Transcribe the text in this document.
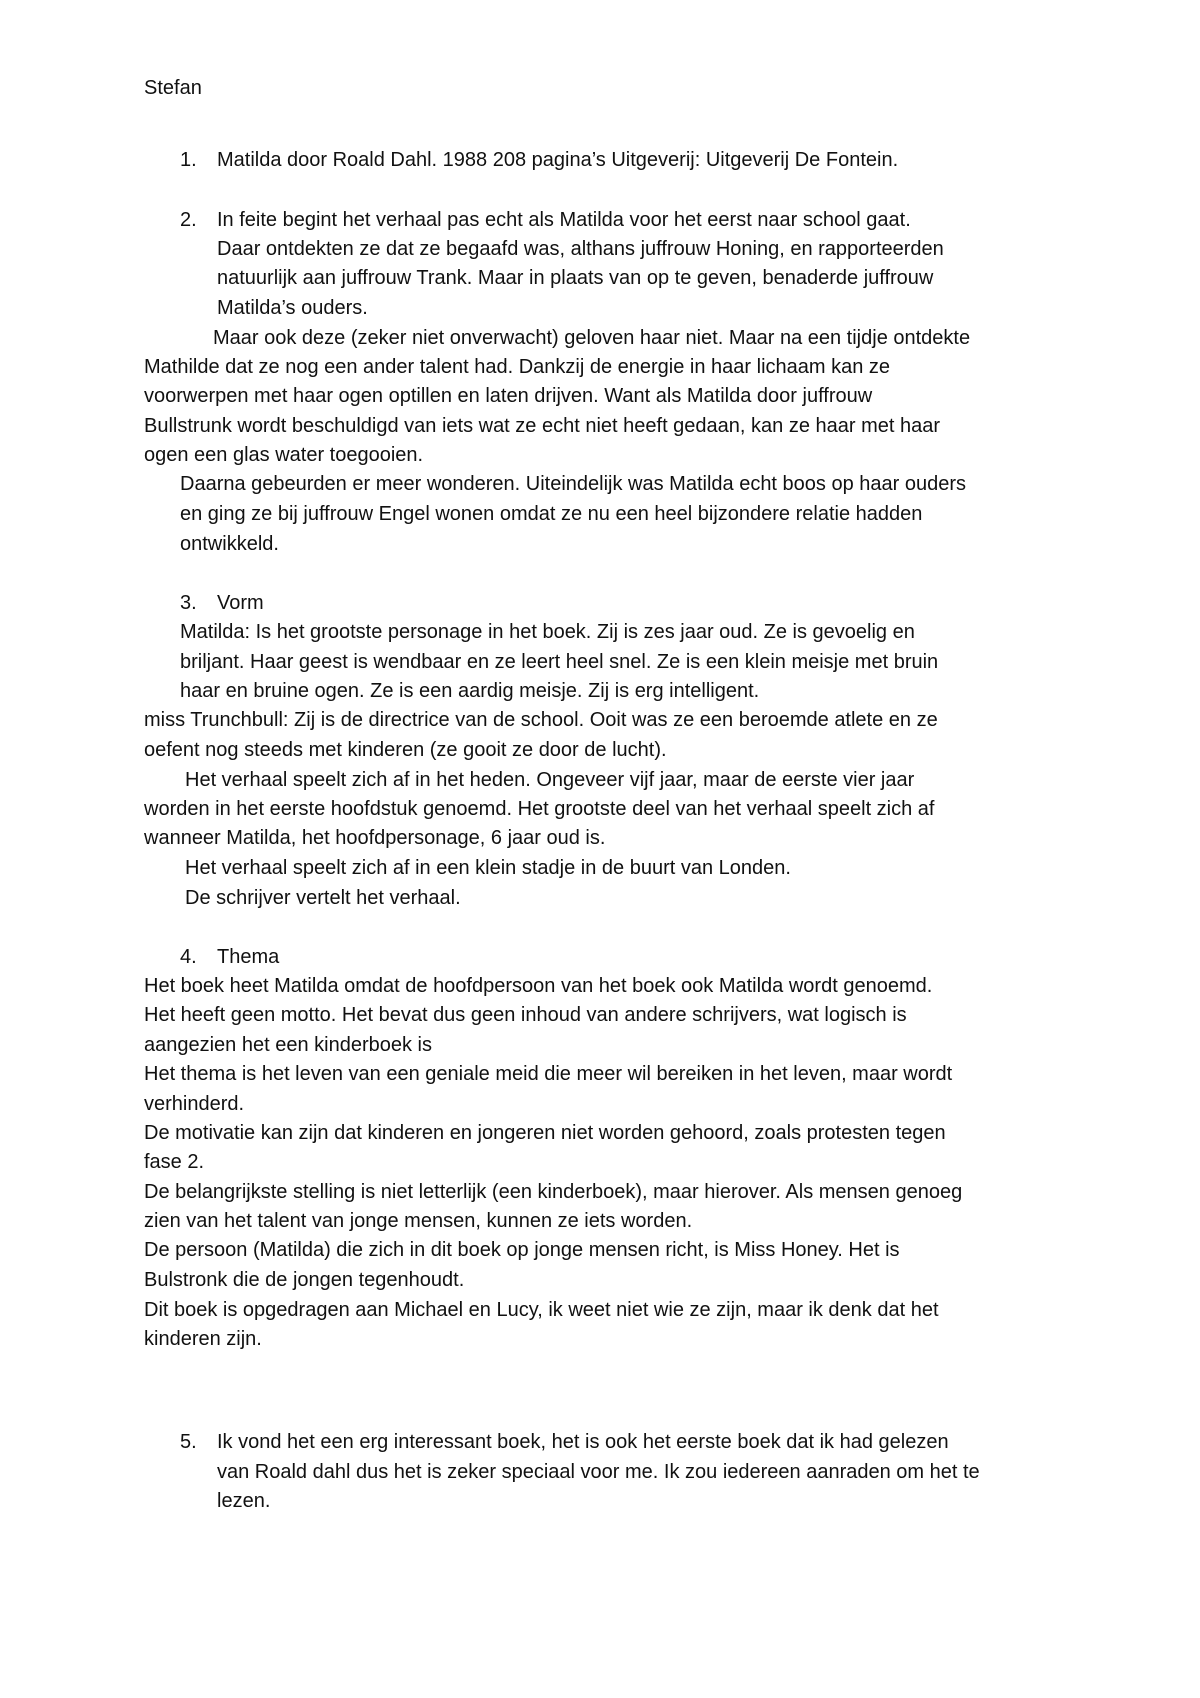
Stefan
1. Matilda door Roald Dahl. 1988 208 pagina’s Uitgeverij: Uitgeverij De Fontein.
2. In feite begint het verhaal pas echt als Matilda voor het eerst naar school gaat.
Daar ontdekten ze dat ze begaafd was, althans juffrouw Honing, en rapporteerden
natuurlijk aan juffrouw Trank. Maar in plaats van op te geven, benaderde juffrouw
Matilda’s ouders.
Maar ook deze (zeker niet onverwacht) geloven haar niet. Maar na een tijdje ontdekte
Mathilde dat ze nog een ander talent had. Dankzij de energie in haar lichaam kan ze
voorwerpen met haar ogen optillen en laten drijven. Want als Matilda door juffrouw
Bullstrunk wordt beschuldigd van iets wat ze echt niet heeft gedaan, kan ze haar met haar
ogen een glas water toegooien.
Daarna gebeurden er meer wonderen. Uiteindelijk was Matilda echt boos op haar ouders
en ging ze bij juffrouw Engel wonen omdat ze nu een heel bijzondere relatie hadden
ontwikkeld.
3. Vorm
Matilda: Is het grootste personage in het boek. Zij is zes jaar oud. Ze is gevoelig en
briljant. Haar geest is wendbaar en ze leert heel snel. Ze is een klein meisje met bruin
haar en bruine ogen. Ze is een aardig meisje. Zij is erg intelligent.
miss Trunchbull: Zij is de directrice van de school. Ooit was ze een beroemde atlete en ze
oefent nog steeds met kinderen (ze gooit ze door de lucht).
Het verhaal speelt zich af in het heden. Ongeveer vijf jaar, maar de eerste vier jaar
worden in het eerste hoofdstuk genoemd. Het grootste deel van het verhaal speelt zich af
wanneer Matilda, het hoofdpersonage, 6 jaar oud is.
Het verhaal speelt zich af in een klein stadje in de buurt van Londen.
De schrijver vertelt het verhaal.
4. Thema
Het boek heet Matilda omdat de hoofdpersoon van het boek ook Matilda wordt genoemd.
Het heeft geen motto. Het bevat dus geen inhoud van andere schrijvers, wat logisch is
aangezien het een kinderboek is
Het thema is het leven van een geniale meid die meer wil bereiken in het leven, maar wordt
verhinderd.
De motivatie kan zijn dat kinderen en jongeren niet worden gehoord, zoals protesten tegen
fase 2.
De belangrijkste stelling is niet letterlijk (een kinderboek), maar hierover. Als mensen genoeg
zien van het talent van jonge mensen, kunnen ze iets worden.
De persoon (Matilda) die zich in dit boek op jonge mensen richt, is Miss Honey. Het is
Bulstronk die de jongen tegenhoudt.
Dit boek is opgedragen aan Michael en Lucy, ik weet niet wie ze zijn, maar ik denk dat het
kinderen zijn.
5. Ik vond het een erg interessant boek, het is ook het eerste boek dat ik had gelezen
van Roald dahl dus het is zeker speciaal voor me. Ik zou iedereen aanraden om het te
lezen.
